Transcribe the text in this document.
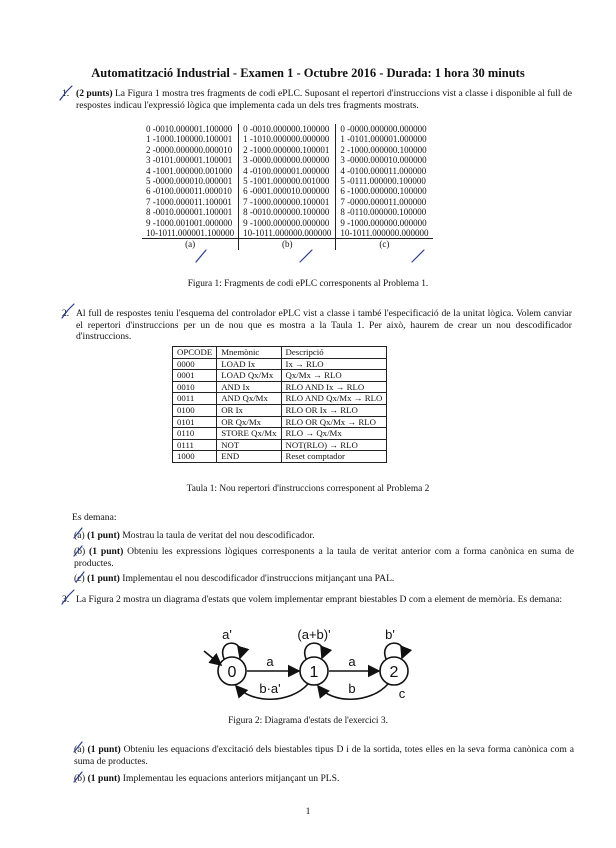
Automatització Industrial - Examen 1 - Octubre 2016 - Durada: 1 hora 30 minuts
1. (2 punts) La Figura 1 mostra tres fragments de codi ePLC. Suposant el repertori d'instruccions vist a classe i disponible al full de respostes indicau l'expressió lògica que implementa cada un dels tres fragments mostrats.
0 -0010.000001.100000	0 -0010.000000.100000	0 -0000.000000.000000
1 -1000.100000.100001	1 -1010.000000.000000	1 -0101.000001.000000
2 -0000.000000.000010	2 -1000.000000.100001	2 -1000.000000.100000
3 -0101.000001.100001	3 -0000.000000.000000	3 -0000.000010.000000
4 -1001.000000.001000	4 -0100.000001.000000	4 -0100.000011.000000
5 -0000.000010.000001	5 -1001.000000.001000	5 -0111.000000.100000
6 -0100.000011.000010	6 -0001.000010.000000	6 -1000.000000.100000
7 -1000.000011.100001	7 -1000.000000.100001	7 -0000.000011.000000
8 -0010.000001.100001	8 -0010.000000.100000	8 -0110.000000.100000
9 -1000.001001.000000	9 -1000.000000.000000	9 -1000.000000.000000
10-1011.000001.100000	10-1011.000000.000000	10-1011.000000.000000
(a)	(b)	(c)
Figura 1: Fragments de codi ePLC corresponents al Problema 1.
2. Al full de respostes teniu l'esquema del controlador ePLC vist a classe i també l'especificació de la unitat lògica. Volem canviar el repertori d'instruccions per un de nou que es mostra a la Taula 1. Per això, haurem de crear un nou descodificador d'instruccions.
OPCODE	Mnemònic	Descripció
0000	LOAD Ix	Ix → RLO
0001	LOAD Qx/Mx	Qx/Mx → RLO
0010	AND Ix	RLO AND Ix → RLO
0011	AND Qx/Mx	RLO AND Qx/Mx → RLO
0100	OR Ix	RLO OR Ix → RLO
0101	OR Qx/Mx	RLO OR Qx/Mx → RLO
0110	STORE Qx/Mx	RLO → Qx/Mx
0111	NOT	NOT(RLO) → RLO
1000	END	Reset comptador
Taula 1: Nou repertori d'instruccions corresponent al Problema 2
Es demana:
(a) (1 punt) Mostrau la taula de veritat del nou descodificador.
(b) (1 punt) Obteniu les expressions lògiques corresponents a la taula de veritat anterior com a forma canònica en suma de productes.
(c) (1 punt) Implementau el nou descodificador d'instruccions mitjançant una PAL.
3. La Figura 2 mostra un diagrama d'estats que volem implementar emprant biestables D com a element de memòria. Es demana:
0	1	2
a'	(a+b)'	b'
a	a
b·a'	b	c
Figura 2: Diagrama d'estats de l'exercici 3.
(a) (1 punt) Obteniu les equacions d'excitació dels biestables tipus D i de la sortida, totes elles en la seva forma canònica com a suma de productes.
(b) (1 punt) Implementau les equacions anteriors mitjançant un PLS.
1
